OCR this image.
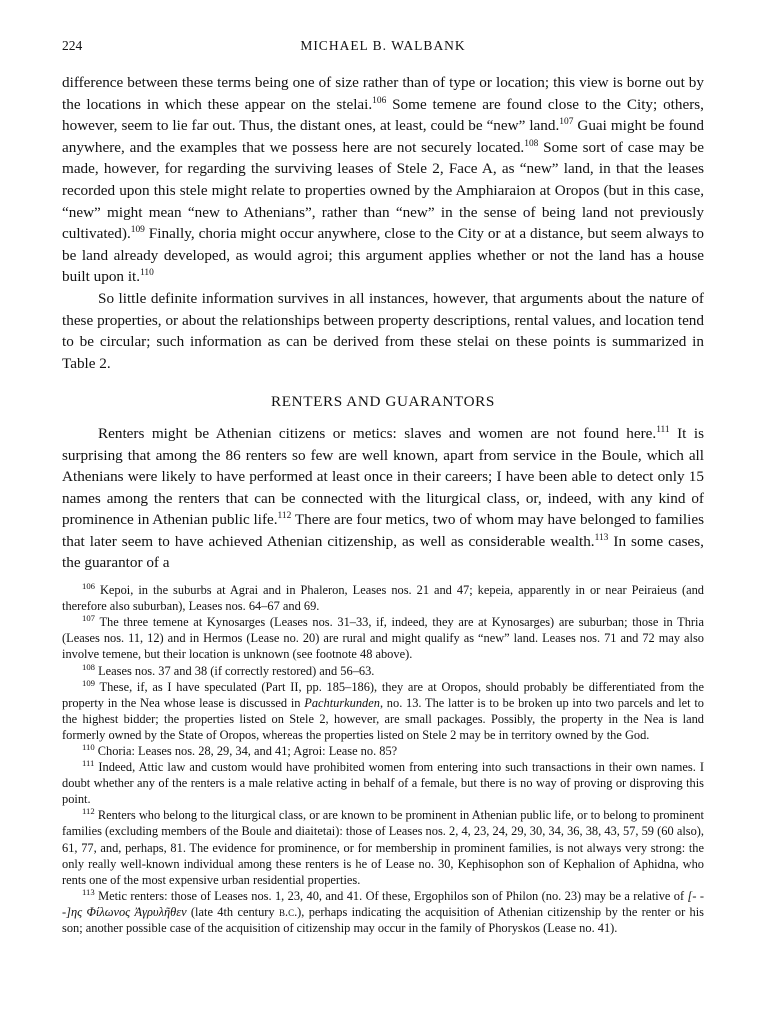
224	MICHAEL B. WALBANK

difference between these terms being one of size rather than of type or location; this view is borne out by the locations in which these appear on the stelai.$^{106}$ Some temene are found close to the City; others, however, seem to lie far out. Thus, the distant ones, at least, could be “new” land.$^{107}$ Guai might be found anywhere, and the examples that we possess here are not securely located.$^{108}$ Some sort of case may be made, however, for regarding the surviving leases of Stele 2, Face A, as “new” land, in that the leases recorded upon this stele might relate to properties owned by the Amphiaraion at Oropos (but in this case, “new” might mean “new to Athenians”, rather than “new” in the sense of being land not previously cultivated).$^{109}$ Finally, choria might occur anywhere, close to the City or at a distance, but seem always to be land already developed, as would agroi; this argument applies whether or not the land has a house built upon it.$^{110}$

So little definite information survives in all instances, however, that arguments about the nature of these properties, or about the relationships between property descriptions, rental values, and location tend to be circular; such information as can be derived from these stelai on these points is summarized in Table 2.

RENTERS AND GUARANTORS

Renters might be Athenian citizens or metics: slaves and women are not found here.$^{111}$ It is surprising that among the 86 renters so few are well known, apart from service in the Boule, which all Athenians were likely to have performed at least once in their careers; I have been able to detect only 15 names among the renters that can be connected with the liturgical class, or, indeed, with any kind of prominence in Athenian public life.$^{112}$ There are four metics, two of whom may have belonged to families that later seem to have achieved Athenian citizenship, as well as considerable wealth.$^{113}$ In some cases, the guarantor of a

$^{106}$ Kepoi, in the suburbs at Agrai and in Phaleron, Leases nos. 21 and 47; kepeia, apparently in or near Peiraieus (and therefore also suburban), Leases nos. 64–67 and 69.

$^{107}$ The three temene at Kynosarges (Leases nos. 31–33, if, indeed, they are at Kynosarges) are suburban; those in Thria (Leases nos. 11, 12) and in Hermos (Lease no. 20) are rural and might qualify as “new” land. Leases nos. 71 and 72 may also involve temene, but their location is unknown (see footnote 48 above).

$^{108}$ Leases nos. 37 and 38 (if correctly restored) and 56–63.

$^{109}$ These, if, as I have speculated (Part II, pp. 185–186), they are at Oropos, should probably be differentiated from the property in the Nea whose lease is discussed in Pachturkunden, no. 13. The latter is to be broken up into two parcels and let to the highest bidder; the properties listed on Stele 2, however, are small packages. Possibly, the property in the Nea is land formerly owned by the State of Oropos, whereas the properties listed on Stele 2 may be in territory owned by the God.

$^{110}$ Choria: Leases nos. 28, 29, 34, and 41; Agroi: Lease no. 85?

$^{111}$ Indeed, Attic law and custom would have prohibited women from entering into such transactions in their own names. I doubt whether any of the renters is a male relative acting in behalf of a female, but there is no way of proving or disproving this point.

$^{112}$ Renters who belong to the liturgical class, or are known to be prominent in Athenian public life, or to belong to prominent families (excluding members of the Boule and diaitetai): those of Leases nos. 2, 4, 23, 24, 29, 30, 34, 36, 38, 43, 57, 59 (60 also), 61, 77, and, perhaps, 81. The evidence for prominence, or for membership in prominent families, is not always very strong: the only really well-known individual among these renters is he of Lease no. 30, Kephisophon son of Kephalion of Aphidna, who rents one of the most expensive urban residential properties.

$^{113}$ Metic renters: those of Leases nos. 1, 23, 40, and 41. Of these, Ergophilos son of Philon (no. 23) may be a relative of [- - -]ης Φίλωνος Ἀγρυλῆθεν (late 4th century b.c.), perhaps indicating the acquisition of Athenian citizenship by the renter or his son; another possible case of the acquisition of citizenship may occur in the family of Phoryskos (Lease no. 41).
